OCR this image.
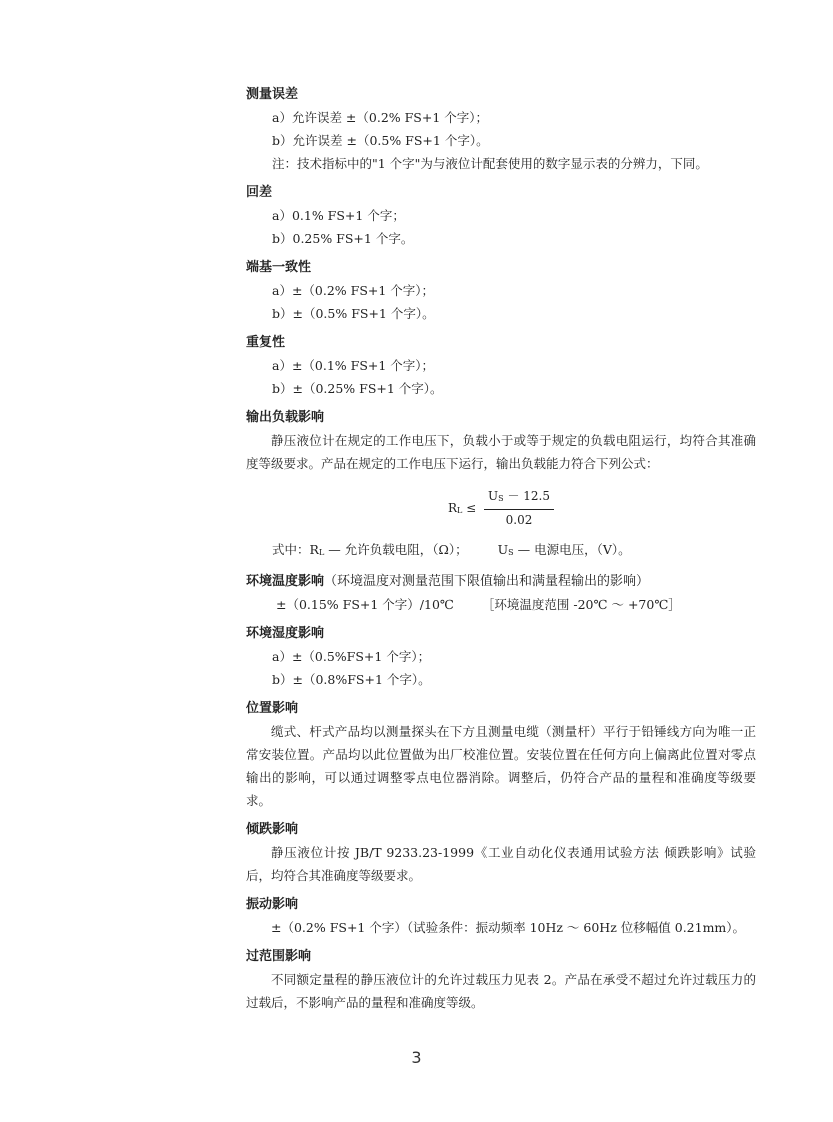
测量误差
a）允许误差 ±（0.2% FS+1 个字）；
b）允许误差 ±（0.5% FS+1 个字）。
注：技术指标中的"1 个字"为与液位计配套使用的数字显示表的分辨力，下同。
回差
a）0.1% FS+1 个字；
b）0.25% FS+1 个字。
端基一致性
a）±（0.2% FS+1 个字）；
b）±（0.5% FS+1 个字）。
重复性
a）±（0.1% FS+1 个字）；
b）±（0.25% FS+1 个字）。
输出负载影响
静压液位计在规定的工作电压下，负载小于或等于规定的负载电阻运行，均符合其准确度等级要求。产品在规定的工作电压下运行，输出负载能力符合下列公式：
$R_L \le \frac{U_S - 12.5}{0.02}$
式中：$R_L$ — 允许负载电阻，（Ω）； $U_S$ — 电源电压，（V）。
环境温度影响（环境温度对测量范围下限值输出和满量程输出的影响）
±（0.15% FS+1 个字）/10℃ ［环境温度范围 -20℃ ～ +70℃］
环境湿度影响
a）±（0.5%FS+1 个字）；
b）±（0.8%FS+1 个字）。
位置影响
缆式、杆式产品均以测量探头在下方且测量电缆（测量杆）平行于铅锤线方向为唯一正常安装位置。产品均以此位置做为出厂校准位置。安装位置在任何方向上偏离此位置对零点输出的影响，可以通过调整零点电位器消除。调整后，仍符合产品的量程和准确度等级要求。
倾跌影响
静压液位计按 JB/T 9233.23-1999《工业自动化仪表通用试验方法 倾跌影响》试验后，均符合其准确度等级要求。
振动影响
±（0.2% FS+1 个字）（试验条件：振动频率 10Hz ～ 60Hz 位移幅值 0.21mm）。
过范围影响
不同额定量程的静压液位计的允许过载压力见表 2。产品在承受不超过允许过载压力的过载后，不影响产品的量程和准确度等级。
3
